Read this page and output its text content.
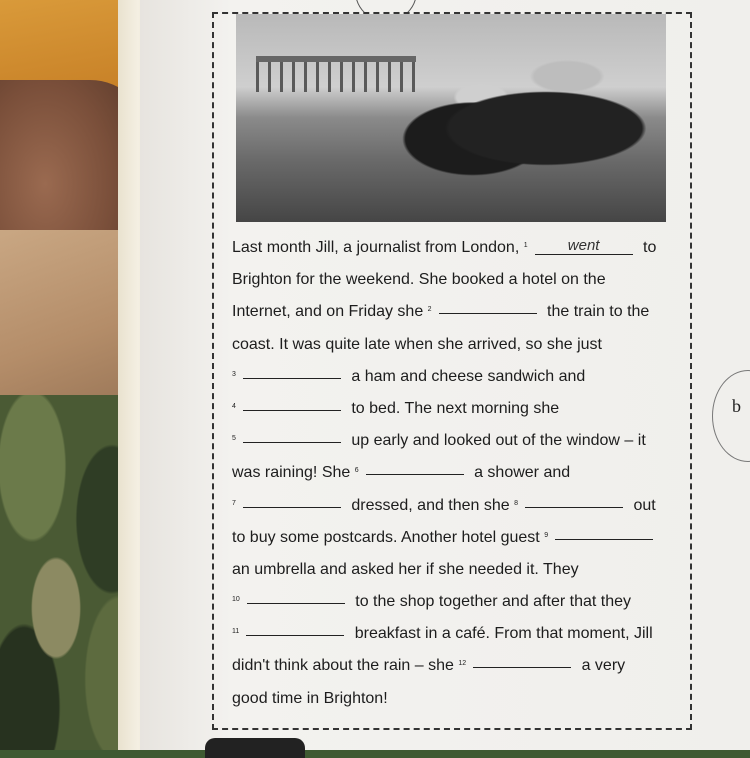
Last month Jill, a journalist from London, $^1$	went to
Brighton for the weekend. She booked a hotel on the
Internet, and on Friday she $^2$	the train to the
coast. It was quite late when she arrived, so she just
$^3$	a ham and cheese sandwich and
$^4$	to bed. The next morning she
$^5$	up early and looked out of the window – it
was raining! She $^6$	a shower and
$^7$	dressed, and then she $^8$	out
to buy some postcards. Another hotel guest $^9$
an umbrella and asked her if she needed it. They
$^{10}$	to the shop together and after that they
$^{11}$	breakfast in a café. From that moment, Jill
didn't think about the rain – she $^{12}$	a very
good time in Brighton!
b
